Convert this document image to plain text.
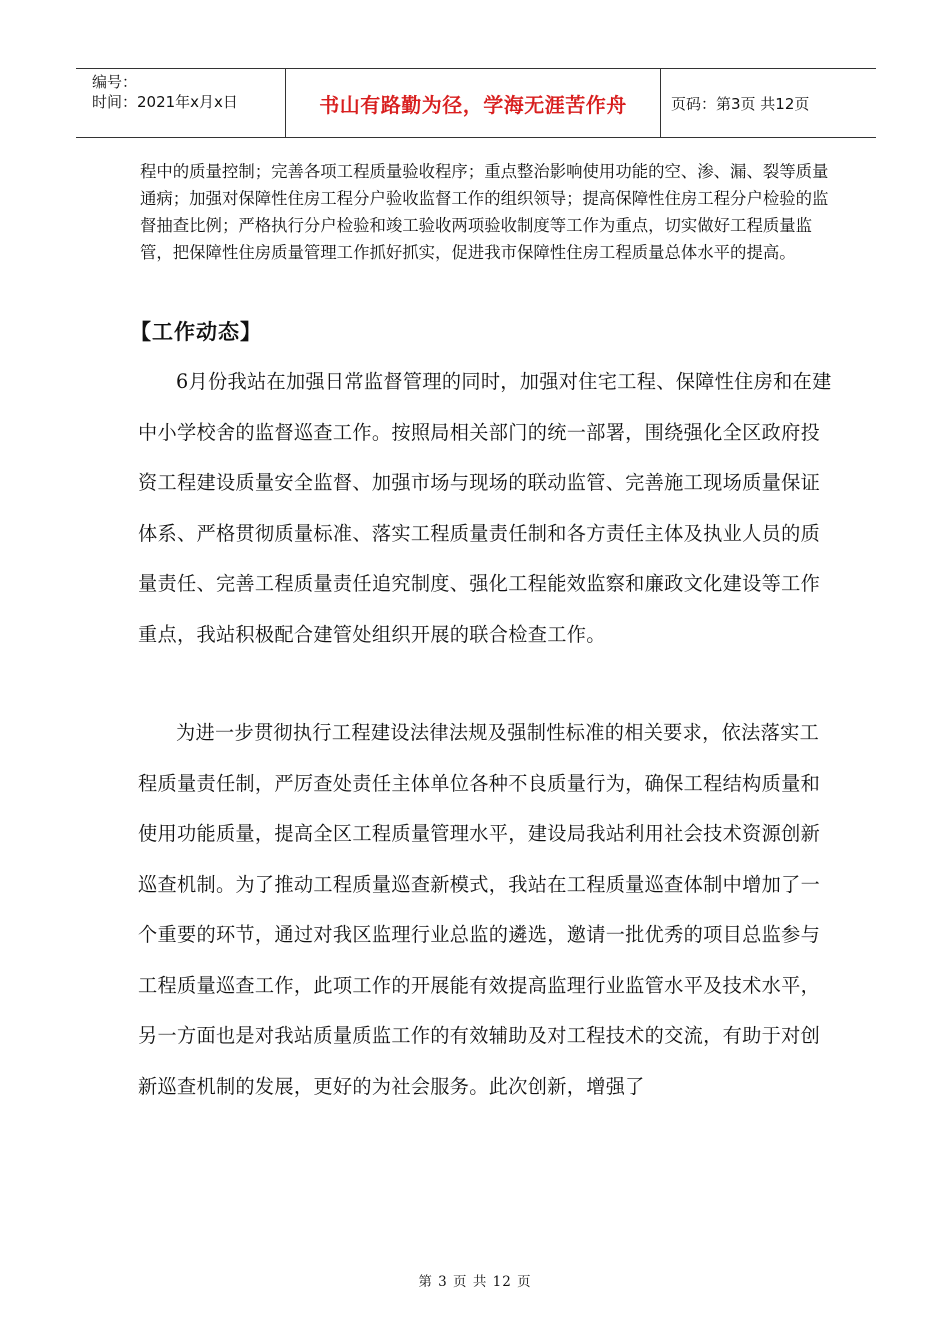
编号：
时间：2021年x月x日	书山有路勤为径，学海无涯苦作舟	页码：第3页 共12页

程中的质量控制；完善各项工程质量验收程序；重点整治影响使用功能的空、渗、漏、裂等质量通病；加强对保障性住房工程分户验收监督工作的组织领导；提高保障性住房工程分户检验的监督抽查比例；严格执行分户检验和竣工验收两项验收制度等工作为重点，切实做好工程质量监管，把保障性住房质量管理工作抓好抓实，促进我市保障性住房工程质量总体水平的提高。

【工作动态】

6月份我站在加强日常监督管理的同时，加强对住宅工程、保障性住房和在建中小学校舍的监督巡查工作。按照局相关部门的统一部署，围绕强化全区政府投资工程建设质量安全监督、加强市场与现场的联动监管、完善施工现场质量保证体系、严格贯彻质量标准、落实工程质量责任制和各方责任主体及执业人员的质量责任、完善工程质量责任追究制度、强化工程能效监察和廉政文化建设等工作重点，我站积极配合建管处组织开展的联合检查工作。

为进一步贯彻执行工程建设法律法规及强制性标准的相关要求，依法落实工程质量责任制，严厉查处责任主体单位各种不良质量行为，确保工程结构质量和使用功能质量，提高全区工程质量管理水平，建设局我站利用社会技术资源创新巡查机制。为了推动工程质量巡查新模式，我站在工程质量巡查体制中增加了一个重要的环节，通过对我区监理行业总监的遴选，邀请一批优秀的项目总监参与工程质量巡查工作，此项工作的开展能有效提高监理行业监管水平及技术水平，另一方面也是对我站质量质监工作的有效辅助及对工程技术的交流，有助于对创新巡查机制的发展，更好的为社会服务。此次创新，增强了

第 3 页 共 12 页
